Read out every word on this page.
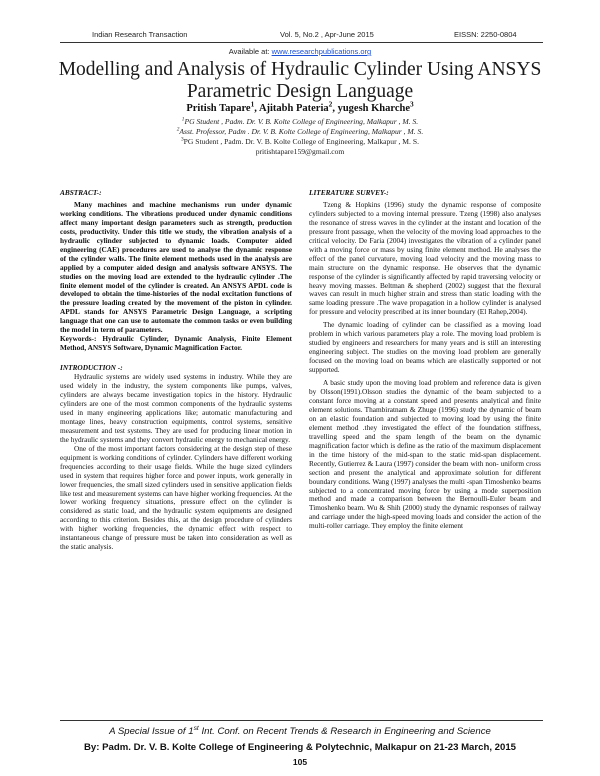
Indian Research Transaction	Vol. 5, No.2 , Apr-June 2015	EISSN: 2250-0804
Available at: www.researchpublications.org
Modelling and Analysis of Hydraulic Cylinder Using ANSYS Parametric Design Language
Pritish Tapare$^1$, Ajitabh Pateria$^2$, yugesh Kharche$^3$
$^1$PG Student , Padm. Dr. V. B. Kolte College of Engineering, Malkapur , M. S.
$^2$Asst. Professor, Padm . Dr. V. B. Kolte College of Engineering, Malkapur , M. S.
$^3$PG Student , Padm. Dr. V. B. Kolte College of Engineering, Malkapur , M. S.
pritishtapare159@gmail.com

ABSTRACT-:

Many machines and machine mechanisms run under dynamic working conditions. The vibrations produced under dynamic conditions affect many important design parameters such as strength, production costs, productivity. Under this title we study, the vibration analysis of a hydraulic cylinder subjected to dynamic loads. Computer aided engineering (CAE) procedures are used to analyse the dynamic response of the cylinder walls. The finite element methods used in the analysis are applied by a computer aided design and analysis software ANSYS. The studies on the moving load are extended to the hydraulic cylinder .The finite element model of the cylinder is created. An ANSYS APDL code is developed to obtain the time-histories of the nodal excitation functions of the pressure loading created by the movement of the piston in cylinder. APDL stands for ANSYS Parametric Design Language, a scripting language that one can use to automate the common tasks or even building the model in term of parameters.

Keywords-: Hydraulic Cylinder, Dynamic Analysis, Finite Element Method, ANSYS Software, Dynamic Magnification Factor.

INTRODUCTION -:

Hydraulic systems are widely used systems in industry. While they are used widely in the industry, the system components like pumps, valves, cylinders are always became investigation topics in the history. Hydraulic cylinders are one of the most common components of the hydraulic systems used in many engineering applications like; automatic manufacturing and montage lines, heavy construction equipments, control systems, sensitive measurement and test systems. They are used for producing linear motion in the hydraulic systems and they convert hydraulic energy to mechanical energy.

One of the most important factors considering at the design step of these equipment is working conditions of cylinder. Cylinders have different working frequencies according to their usage fields. While the huge sized cylinders used in system that requires higher force and power inputs, work generally in lower frequencies, the small sized cylinders used in sensitive application fields like test and measurement systems can have higher working frequencies. At the lower working frequency situations, pressure effect on the cylinder is considered as static load, and the hydraulic system equipments are designed according to this criterion. Besides this, at the design procedure of cylinders with higher working frequencies, the dynamic effect with respect to instantaneous change of pressure must be taken into consideration as well as the static analysis.

LITERATURE SURVEY-:

Tzeng & Hopkins (1996) study the dynamic response of composite cylinders subjected to a moving internal pressure. Tzeng (1998) also analyses the resonance of stress waves in the cylinder at the instant and location of the pressure front passage, when the velocity of the moving load approaches to the critical velocity. De Faria (2004) investigates the vibration of a cylinder panel with a moving force or mass by using finite element method. He analyses the effect of the panel curvature, moving load velocity and the moving mass to main structure on the dynamic response. He observes that the dynamic response of the cylinder is significantly affected by rapid traversing velocity or heavy moving masses. Beltman & shepherd (2002) suggest that the flexural waves can result in much higher strain and stress than static loading with the same loading pressure .The wave propagation in a hollow cylinder is analysed for pressure and velocity prescribed at its inner boundary (El Rahep,2004).

The dynamic loading of cylinder can be classified as a moving load problem in which various parameters play a role. The moving load problem is studied by engineers and researchers for many years and is still an interesting engineering subject. The studies on the moving load problem are generally focused on the moving load on beams which are elastically supported or not supported.

A basic study upon the moving load problem and reference data is given by Olsson(1991).Olsson studies the dynamic of the beam subjected to a constant force moving at a constant speed and presents analytical and finite element solutions. Thambiratnam & Zhuge (1996) study the dynamic of beam on an elastic foundation and subjected to moving load by using the finite element method .they investigated the effect of the foundation stiffness, travelling speed and the spam length of the beam on the dynamic magnification factor which is define as the ratio of the maximum displacement in the time history of the mid-span to the static mid-span displacement. Recently, Gutierrez & Laura (1997) consider the beam with non- uniform cross section and present the analytical and approximate solution for different boundary conditions. Wang (1997) analyses the multi -span Timoshenko beams subjected to a concentrated moving force by using a mode superposition method and made a comparison between the Bernoulli-Euler beam and Timoshenko beam. Wu & Shih (2000) study the dynamic responses of railway and carriage under the high-speed moving loads and consider the action of the multi-roller carriage. They employ the finite element

A Special Issue of 1st Int. Conf. on Recent Trends & Research in Engineering and Science
By: Padm. Dr. V. B. Kolte College of Engineering & Polytechnic, Malkapur on 21-23 March, 2015
105
